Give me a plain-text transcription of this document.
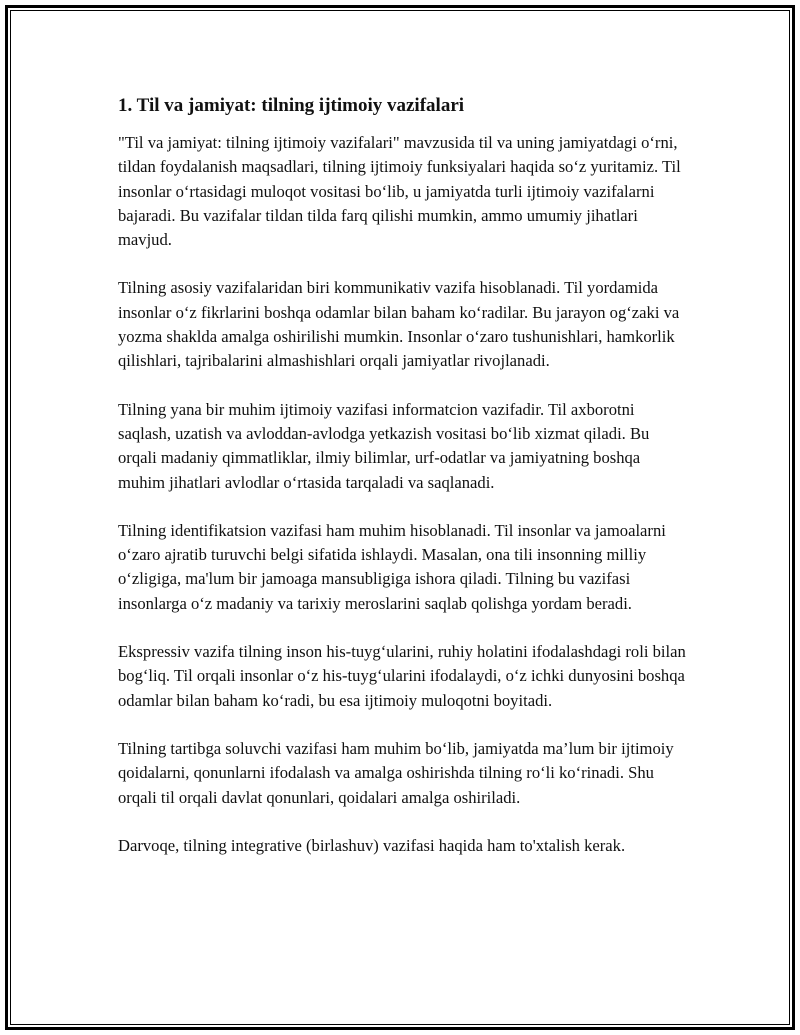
1. Til va jamiyat: tilning ijtimoiy vazifalari

"Til va jamiyat: tilning ijtimoiy vazifalari" mavzusida til va uning jamiyatdagi o‘rni, tildan foydalanish maqsadlari, tilning ijtimoiy funksiyalari haqida so‘z yuritamiz. Til insonlar o‘rtasidagi muloqot vositasi bo‘lib, u jamiyatda turli ijtimoiy vazifalarni bajaradi. Bu vazifalar tildan tilda farq qilishi mumkin, ammo umumiy jihatlari mavjud.

Tilning asosiy vazifalaridan biri kommunikativ vazifa hisoblanadi. Til yordamida insonlar o‘z fikrlarini boshqa odamlar bilan baham ko‘radilar. Bu jarayon og‘zaki va yozma shaklda amalga oshirilishi mumkin. Insonlar o‘zaro tushunishlari, hamkorlik qilishlari, tajribalarini almashishlari orqali jamiyatlar rivojlanadi.

Tilning yana bir muhim ijtimoiy vazifasi informatcion vazifadir. Til axborotni saqlash, uzatish va avloddan-avlodga yetkazish vositasi bo‘lib xizmat qiladi. Bu orqali madaniy qimmatliklar, ilmiy bilimlar, urf-odatlar va jamiyatning boshqa muhim jihatlari avlodlar o‘rtasida tarqaladi va saqlanadi.

Tilning identifikatsion vazifasi ham muhim hisoblanadi. Til insonlar va jamoalarni o‘zaro ajratib turuvchi belgi sifatida ishlaydi. Masalan, ona tili insonning milliy o‘zligiga, ma'lum bir jamoaga mansubligiga ishora qiladi. Tilning bu vazifasi insonlarga o‘z madaniy va tarixiy meroslarini saqlab qolishga yordam beradi.

Ekspressiv vazifa tilning inson his-tuyg‘ularini, ruhiy holatini ifodalashdagi roli bilan bog‘liq. Til orqali insonlar o‘z his-tuyg‘ularini ifodalaydi, o‘z ichki dunyosini boshqa odamlar bilan baham ko‘radi, bu esa ijtimoiy muloqotni boyitadi.

Tilning tartibga soluvchi vazifasi ham muhim bo‘lib, jamiyatda ma’lum bir ijtimoiy qoidalarni, qonunlarni ifodalash va amalga oshirishda tilning ro‘li ko‘rinadi. Shu orqali til orqali davlat qonunlari, qoidalari amalga oshiriladi.

Darvoqe, tilning integrative (birlashuv) vazifasi haqida ham to'xtalish kerak.
